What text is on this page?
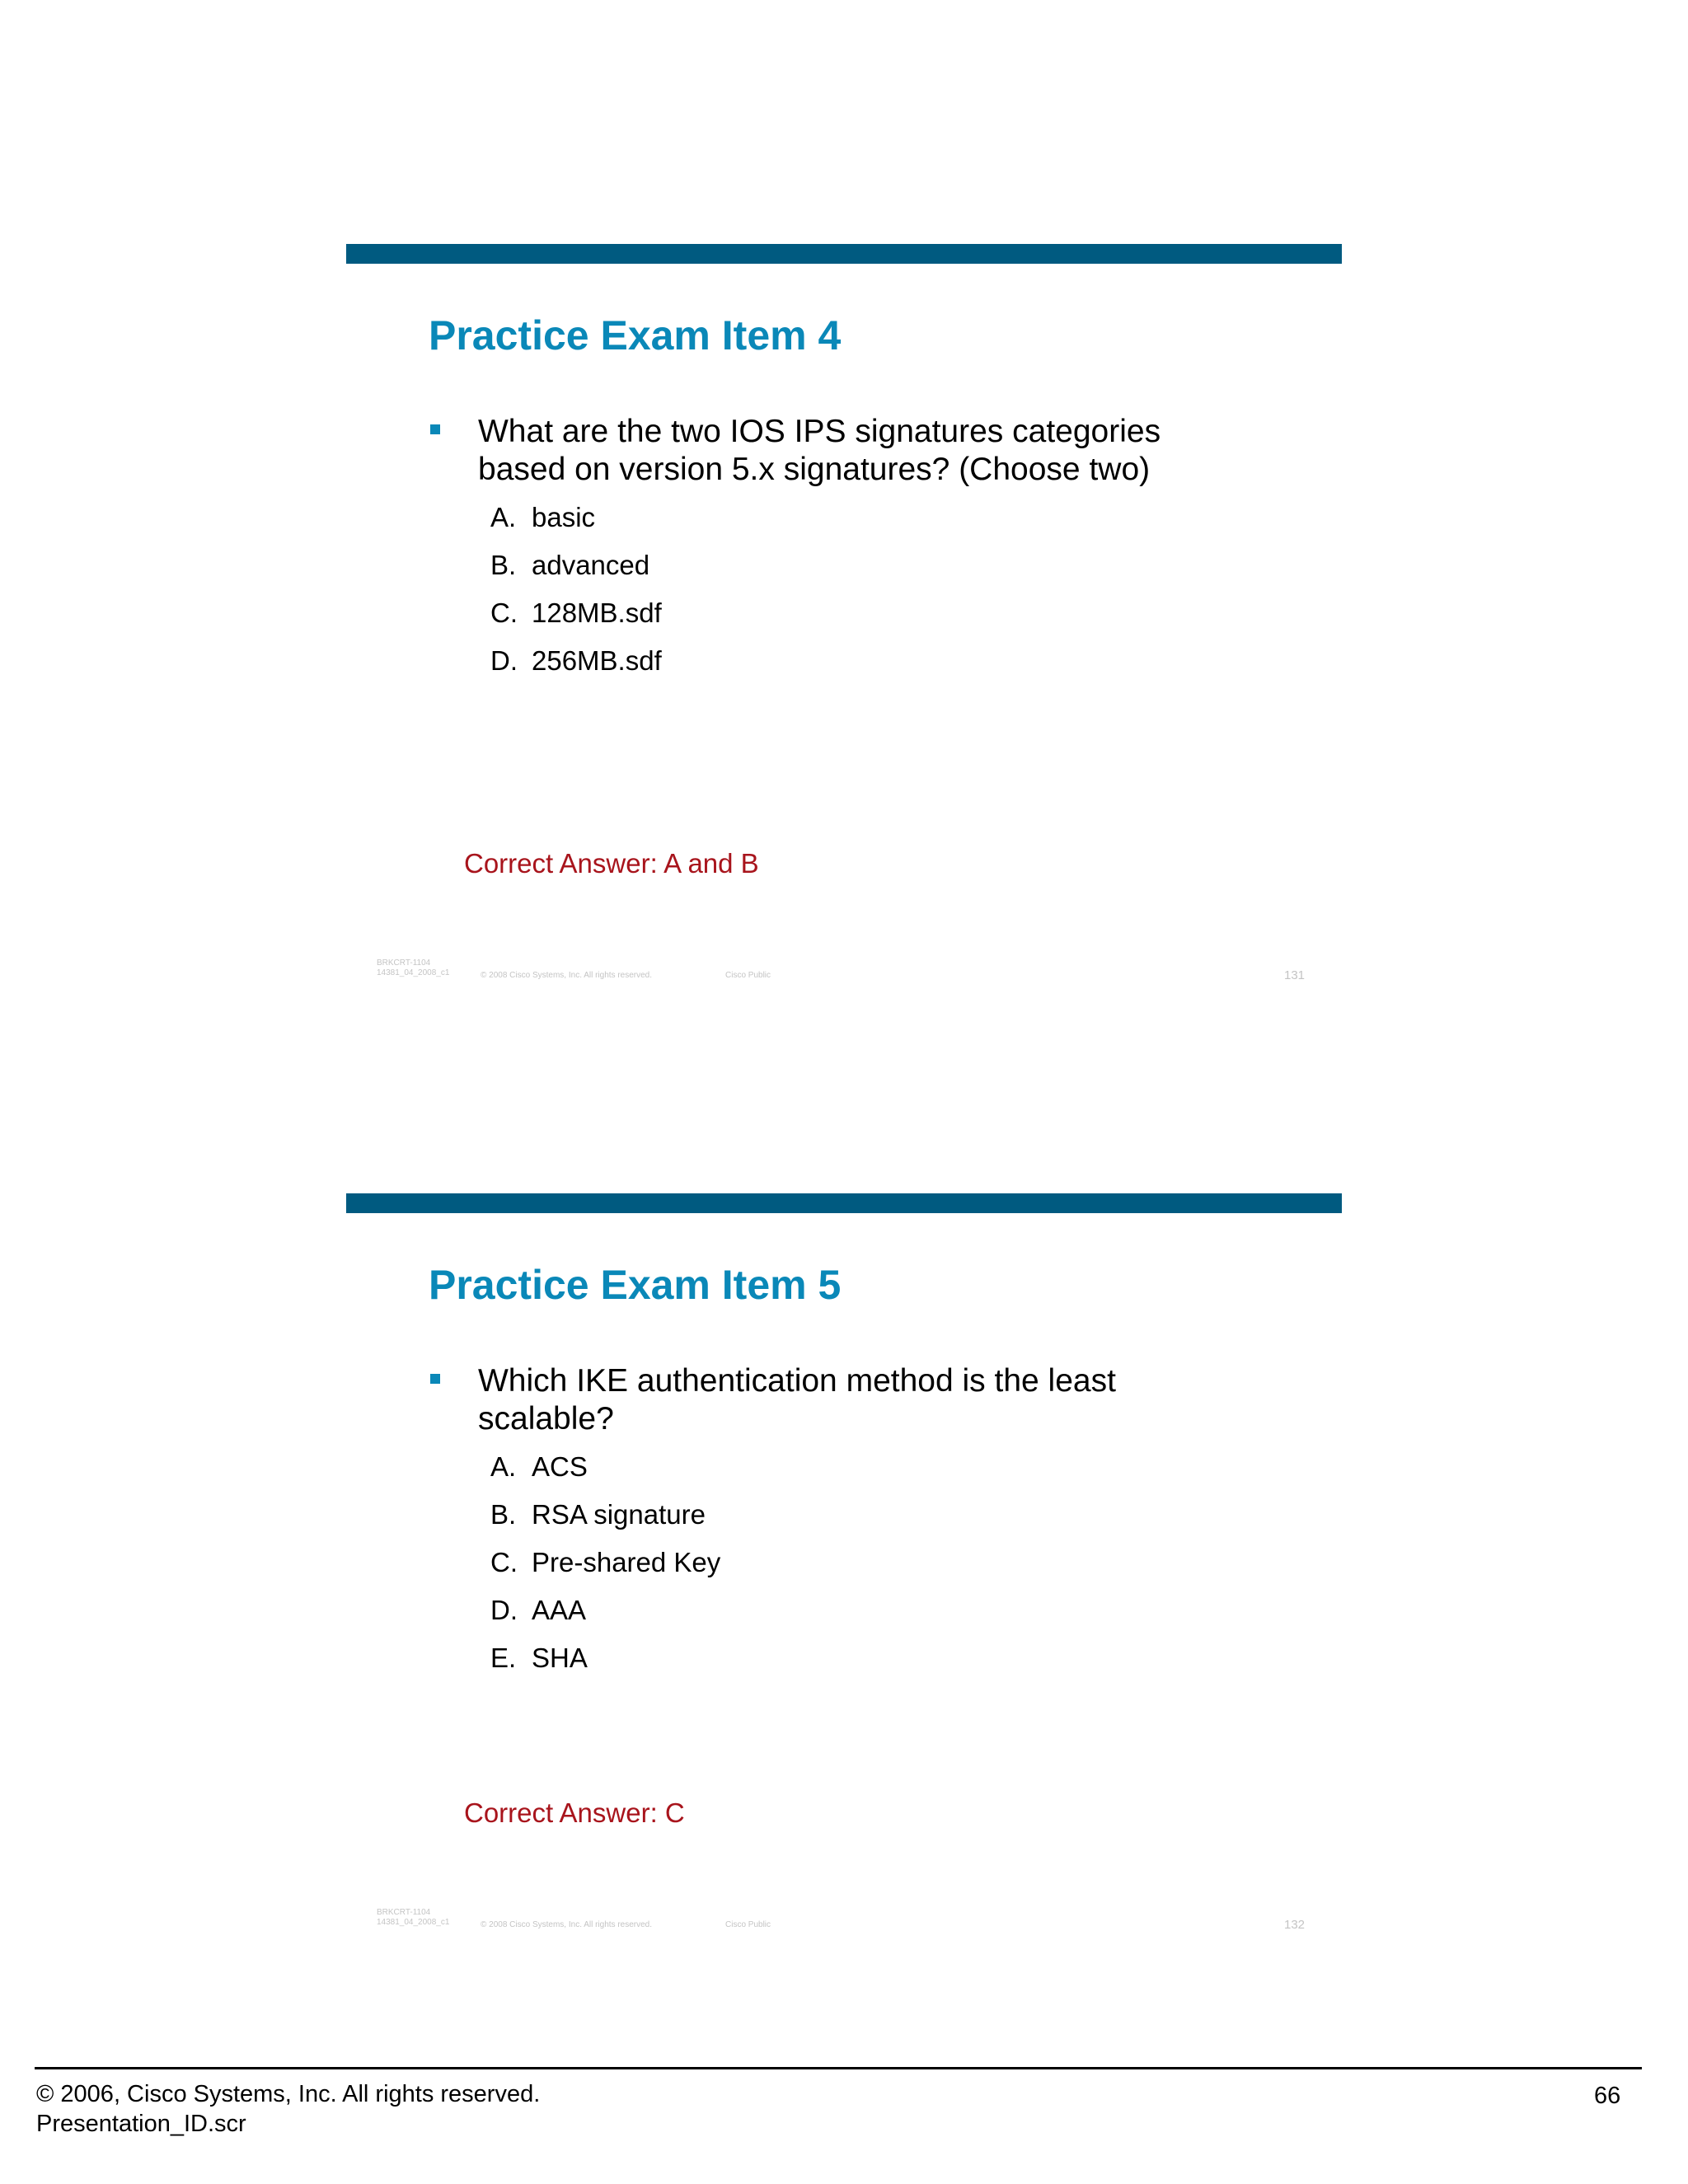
Practice Exam Item 4
What are the two IOS IPS signatures categories based on version 5.x signatures? (Choose two)
A. basic
B. advanced
C. 128MB.sdf
D. 256MB.sdf
Correct Answer: A and B
BRKCRT-1104
14381_04_2008_c1	© 2008 Cisco Systems, Inc. All rights reserved.	Cisco Public	131
Practice Exam Item 5
Which IKE authentication method is the least scalable?
A. ACS
B. RSA signature
C. Pre-shared Key
D. AAA
E. SHA
Correct Answer: C
BRKCRT-1104
14381_04_2008_c1	© 2008 Cisco Systems, Inc. All rights reserved.	Cisco Public	132
© 2006, Cisco Systems, Inc. All rights reserved.
Presentation_ID.scr
66
